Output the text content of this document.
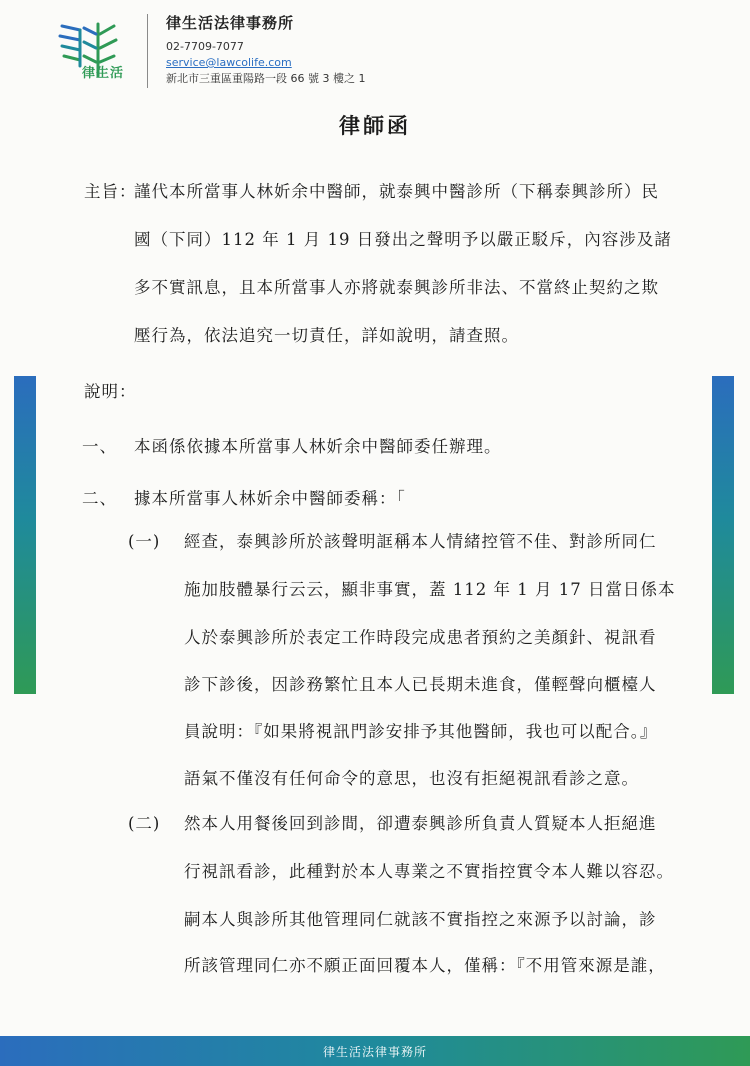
律生活
律生活法律事務所
02-7709-7077
service@lawcolife.com
新北市三重區重陽路一段 66 號 3 樓之 1
律師函
主旨：
謹代本所當事人林妡余中醫師，就泰興中醫診所（下稱泰興診所）民
國（下同）112 年 1 月 19 日發出之聲明予以嚴正駁斥，內容涉及諸
多不實訊息，且本所當事人亦將就泰興診所非法、不當終止契約之欺
壓行為，依法追究一切責任，詳如說明，請查照。
說明：
一、 本函係依據本所當事人林妡余中醫師委任辦理。
二、 據本所當事人林妡余中醫師委稱：「
(一) 經查，泰興診所於該聲明誆稱本人情緒控管不佳、對診所同仁
施加肢體暴行云云，顯非事實，蓋 112 年 1 月 17 日當日係本
人於泰興診所於表定工作時段完成患者預約之美顏針、視訊看
診下診後，因診務繁忙且本人已長期未進食，僅輕聲向櫃檯人
員說明：『如果將視訊門診安排予其他醫師，我也可以配合。』
語氣不僅沒有任何命令的意思，也沒有拒絕視訊看診之意。
(二) 然本人用餐後回到診間，卻遭泰興診所負責人質疑本人拒絕進
行視訊看診，此種對於本人專業之不實指控實令本人難以容忍。
嗣本人與診所其他管理同仁就該不實指控之來源予以討論，診
所該管理同仁亦不願正面回覆本人，僅稱：『不用管來源是誰，
律生活法律事務所
